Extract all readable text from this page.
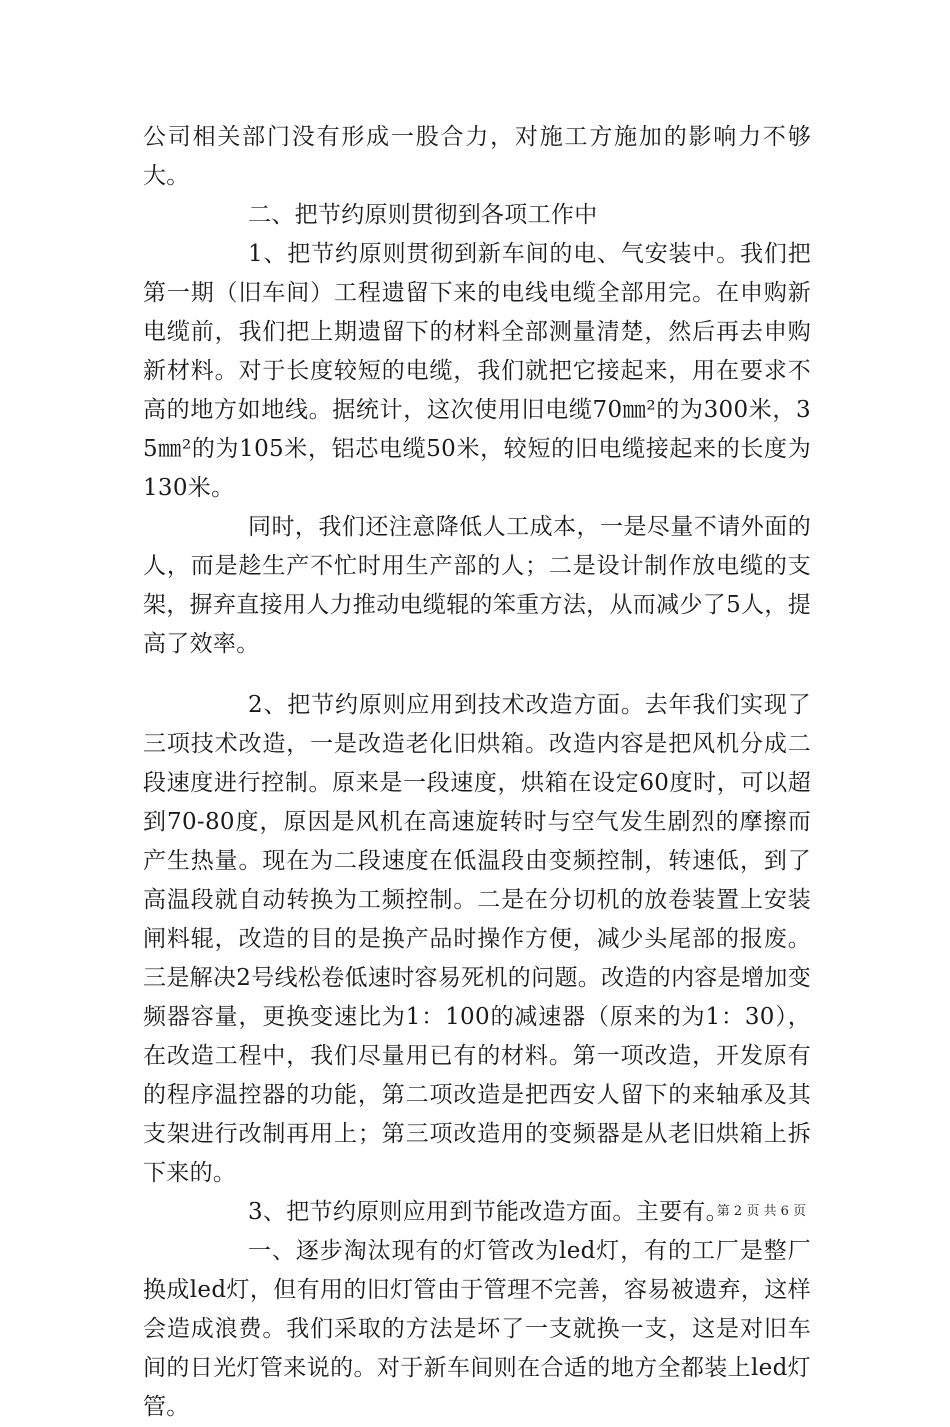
公司相关部门没有形成一股合力，对施工方施加的影响力不够大。

二、把节约原则贯彻到各项工作中

1、把节约原则贯彻到新车间的电、气安装中。我们把第一期（旧车间）工程遗留下来的电线电缆全部用完。在申购新电缆前，我们把上期遗留下的材料全部测量清楚，然后再去申购新材料。对于长度较短的电缆，我们就把它接起来，用在要求不高的地方如地线。据统计，这次使用旧电缆70㎜²的为300米，35㎜²的为105米，铝芯电缆50米，较短的旧电缆接起来的长度为130米。

同时，我们还注意降低人工成本，一是尽量不请外面的人，而是趁生产不忙时用生产部的人；二是设计制作放电缆的支架，摒弃直接用人力推动电缆辊的笨重方法，从而减少了5人，提高了效率。

2、把节约原则应用到技术改造方面。去年我们实现了三项技术改造，一是改造老化旧烘箱。改造内容是把风机分成二段速度进行控制。原来是一段速度，烘箱在设定60度时，可以超到70-80度，原因是风机在高速旋转时与空气发生剧烈的摩擦而产生热量。现在为二段速度在低温段由变频控制，转速低，到了高温段就自动转换为工频控制。二是在分切机的放卷装置上安装闸料辊，改造的目的是换产品时操作方便，减少头尾部的报废。三是解决2号线松卷低速时容易死机的问题。改造的内容是增加变频器容量，更换变速比为1：100的减速器（原来的为1：30），在改造工程中，我们尽量用已有的材料。第一项改造，开发原有的程序温控器的功能，第二项改造是把西安人留下的来轴承及其支架进行改制再用上；第三项改造用的变频器是从老旧烘箱上拆下来的。

3、把节约原则应用到节能改造方面。主要有。

一、逐步淘汰现有的灯管改为led灯，有的工厂是整厂换成led灯，但有用的旧灯管由于管理不完善，容易被遗弃，这样会造成浪费。我们采取的方法是坏了一支就换一支，这是对旧车间的日光灯管来说的。对于新车间则在合适的地方全都装上led灯管。

第 2 页 共 6 页
